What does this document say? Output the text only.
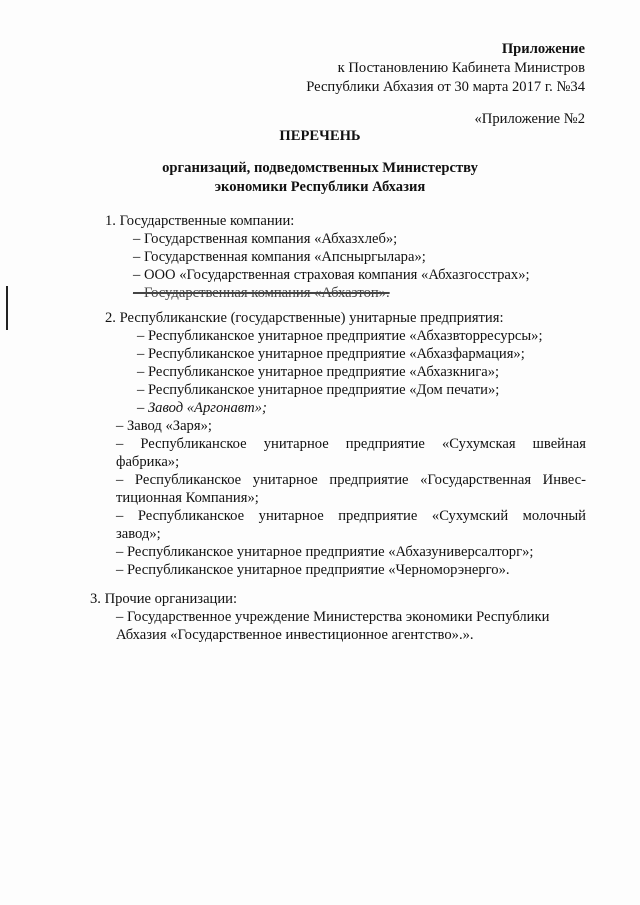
Приложение
к Постановлению Кабинета Министров
Республики Абхазия от 30 марта 2017 г. №34
«Приложение №2
ПЕРЕЧЕНЬ
организаций, подведомственных Министерству
экономики Республики Абхазия
1. Государственные компании:
– Государственная компания «Абхазхлеб»;
– Государственная компания «Апсныргылара»;
– ООО «Государственная страховая компания «Абхазгосстрах»;
– Государственная компания «Абхазтоп».
2. Республиканские (государственные) унитарные предприятия:
– Республиканское унитарное предприятие «Абхазвторресурсы»;
– Республиканское унитарное предприятие «Абхазфармация»;
– Республиканское унитарное предприятие «Абхазкнига»;
– Республиканское унитарное предприятие «Дом печати»;
– Завод «Аргонавт»;
– Завод «Заря»;
– Республиканское унитарное предприятие «Сухумская швейная
фабрика»;
– Республиканское унитарное предприятие «Государственная Инвес-
тиционная Компания»;
– Республиканское унитарное предприятие «Сухумский молочный
завод»;
– Республиканское унитарное предприятие «Абхазуниверсалторг»;
– Республиканское унитарное предприятие «Черноморэнерго».
3. Прочие организации:
– Государственное учреждение Министерства экономики Республики
Абхазия «Государственное инвестиционное агентство».».
